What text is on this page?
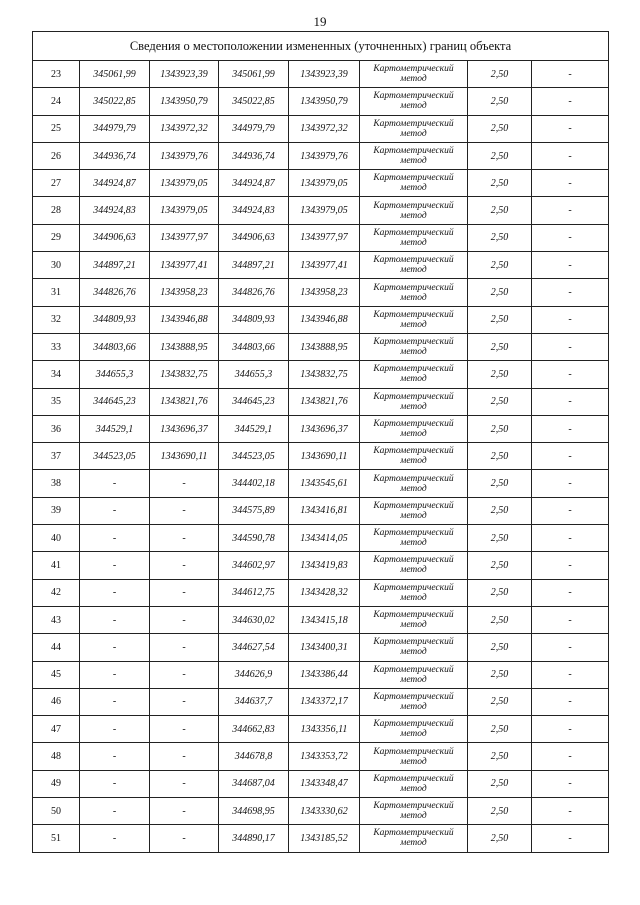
19
Сведения о местоположении измененных (уточненных) границ объекта							
23	345061,99	1343923,39	345061,99	1343923,39	Картометрический
метод	2,50	-
24	345022,85	1343950,79	345022,85	1343950,79	Картометрический
метод	2,50	-
25	344979,79	1343972,32	344979,79	1343972,32	Картометрический
метод	2,50	-
26	344936,74	1343979,76	344936,74	1343979,76	Картометрический
метод	2,50	-
27	344924,87	1343979,05	344924,87	1343979,05	Картометрический
метод	2,50	-
28	344924,83	1343979,05	344924,83	1343979,05	Картометрический
метод	2,50	-
29	344906,63	1343977,97	344906,63	1343977,97	Картометрический
метод	2,50	-
30	344897,21	1343977,41	344897,21	1343977,41	Картометрический
метод	2,50	-
31	344826,76	1343958,23	344826,76	1343958,23	Картометрический
метод	2,50	-
32	344809,93	1343946,88	344809,93	1343946,88	Картометрический
метод	2,50	-
33	344803,66	1343888,95	344803,66	1343888,95	Картометрический
метод	2,50	-
34	344655,3	1343832,75	344655,3	1343832,75	Картометрический
метод	2,50	-
35	344645,23	1343821,76	344645,23	1343821,76	Картометрический
метод	2,50	-
36	344529,1	1343696,37	344529,1	1343696,37	Картометрический
метод	2,50	-
37	344523,05	1343690,11	344523,05	1343690,11	Картометрический
метод	2,50	-
38	-	-	344402,18	1343545,61	Картометрический
метод	2,50	-
39	-	-	344575,89	1343416,81	Картометрический
метод	2,50	-
40	-	-	344590,78	1343414,05	Картометрический
метод	2,50	-
41	-	-	344602,97	1343419,83	Картометрический
метод	2,50	-
42	-	-	344612,75	1343428,32	Картометрический
метод	2,50	-
43	-	-	344630,02	1343415,18	Картометрический
метод	2,50	-
44	-	-	344627,54	1343400,31	Картометрический
метод	2,50	-
45	-	-	344626,9	1343386,44	Картометрический
метод	2,50	-
46	-	-	344637,7	1343372,17	Картометрический
метод	2,50	-
47	-	-	344662,83	1343356,11	Картометрический
метод	2,50	-
48	-	-	344678,8	1343353,72	Картометрический
метод	2,50	-
49	-	-	344687,04	1343348,47	Картометрический
метод	2,50	-
50	-	-	344698,95	1343330,62	Картометрический
метод	2,50	-
51	-	-	344890,17	1343185,52	Картометрический
метод	2,50	-
